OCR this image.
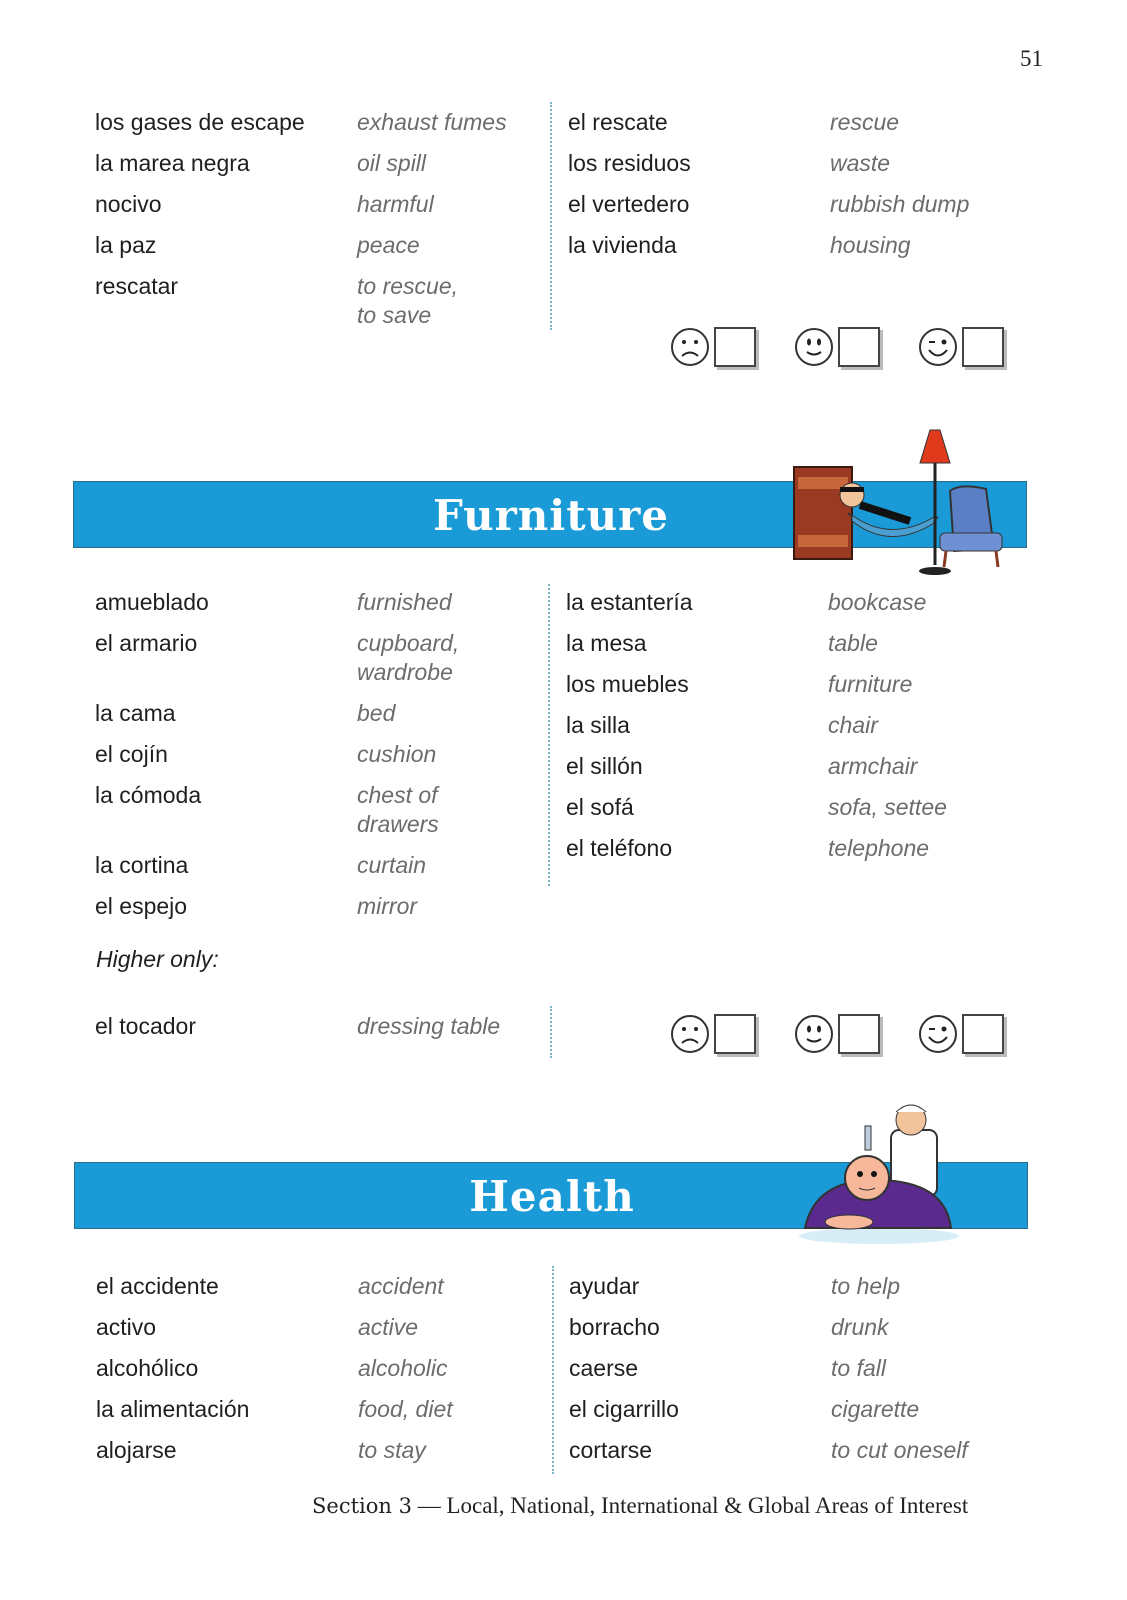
51
los gases de escape	exhaust fumes
la marea negra	oil spill
nocivo	harmful
la paz	peace
rescatar	to rescue,
to save
el rescate	rescue
los residuos	waste
el vertedero	rubbish dump
la vivienda	housing
Furniture
amueblado	furnished
el armario	cupboard,
wardrobe
la cama	bed
el cojín	cushion
la cómoda	chest of drawers
la cortina	curtain
el espejo	mirror
la estantería	bookcase
la mesa	table
los muebles	furniture
la silla	chair
el sillón	armchair
el sofá	sofa, settee
el teléfono	telephone
Higher only:
el tocador	dressing table
Health
el accidente	accident
activo	active
alcohólico	alcoholic
la alimentación	food, diet
alojarse	to stay
ayudar	to help
borracho	drunk
caerse	to fall
el cigarrillo	cigarette
cortarse	to cut oneself
Section 3 — Local, National, International & Global Areas of Interest
